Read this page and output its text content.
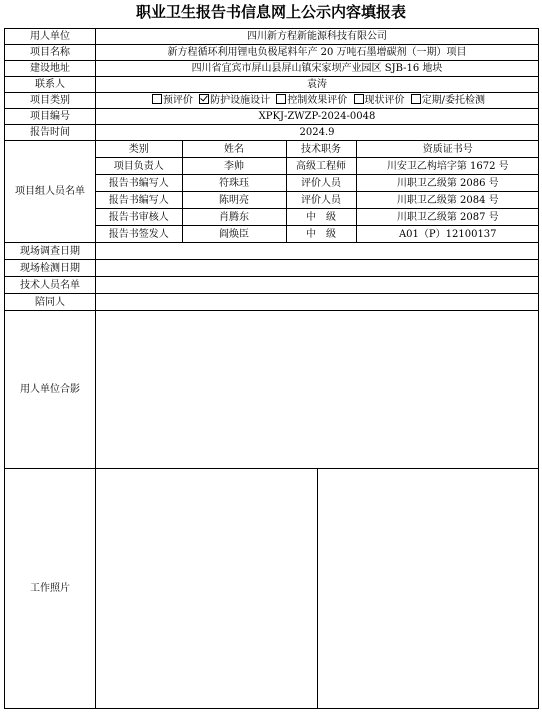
职业卫生报告书信息网上公示内容填报表
用人单位	四川新方程新能源科技有限公司
项目名称	新方程循环利用锂电负极尾料年产 20 万吨石墨增碳剂（一期）项目
建设地址	四川省宜宾市屏山县屏山镇宋家坝产业园区 SJB-16 地块
联系人	袁涛
项目类别	预评价 防护设施设计 控制效果评价 现状评价 定期/委托检测
项目编号	XPKJ-ZWZP-2024-0048
报告时间	2024.9
项目组人员名单	
类别	姓名	技术职务	资质证书号
项目负责人	李帅	高级工程师	川安卫乙构培字第 1672 号
报告书编写人	符珠珏	评价人员	川职卫乙级第 2086 号
报告书编写人	陈明亮	评价人员	川职卫乙级第 2084 号
报告书审核人	肖腾东	中　级	川职卫乙级第 2087 号
报告书签发人	阎焕臣	中　级	A01（P）12100137

现场调查日期	
现场检测日期	
技术人员名单	
陪同人	
用人单位合影	
工作照片	
